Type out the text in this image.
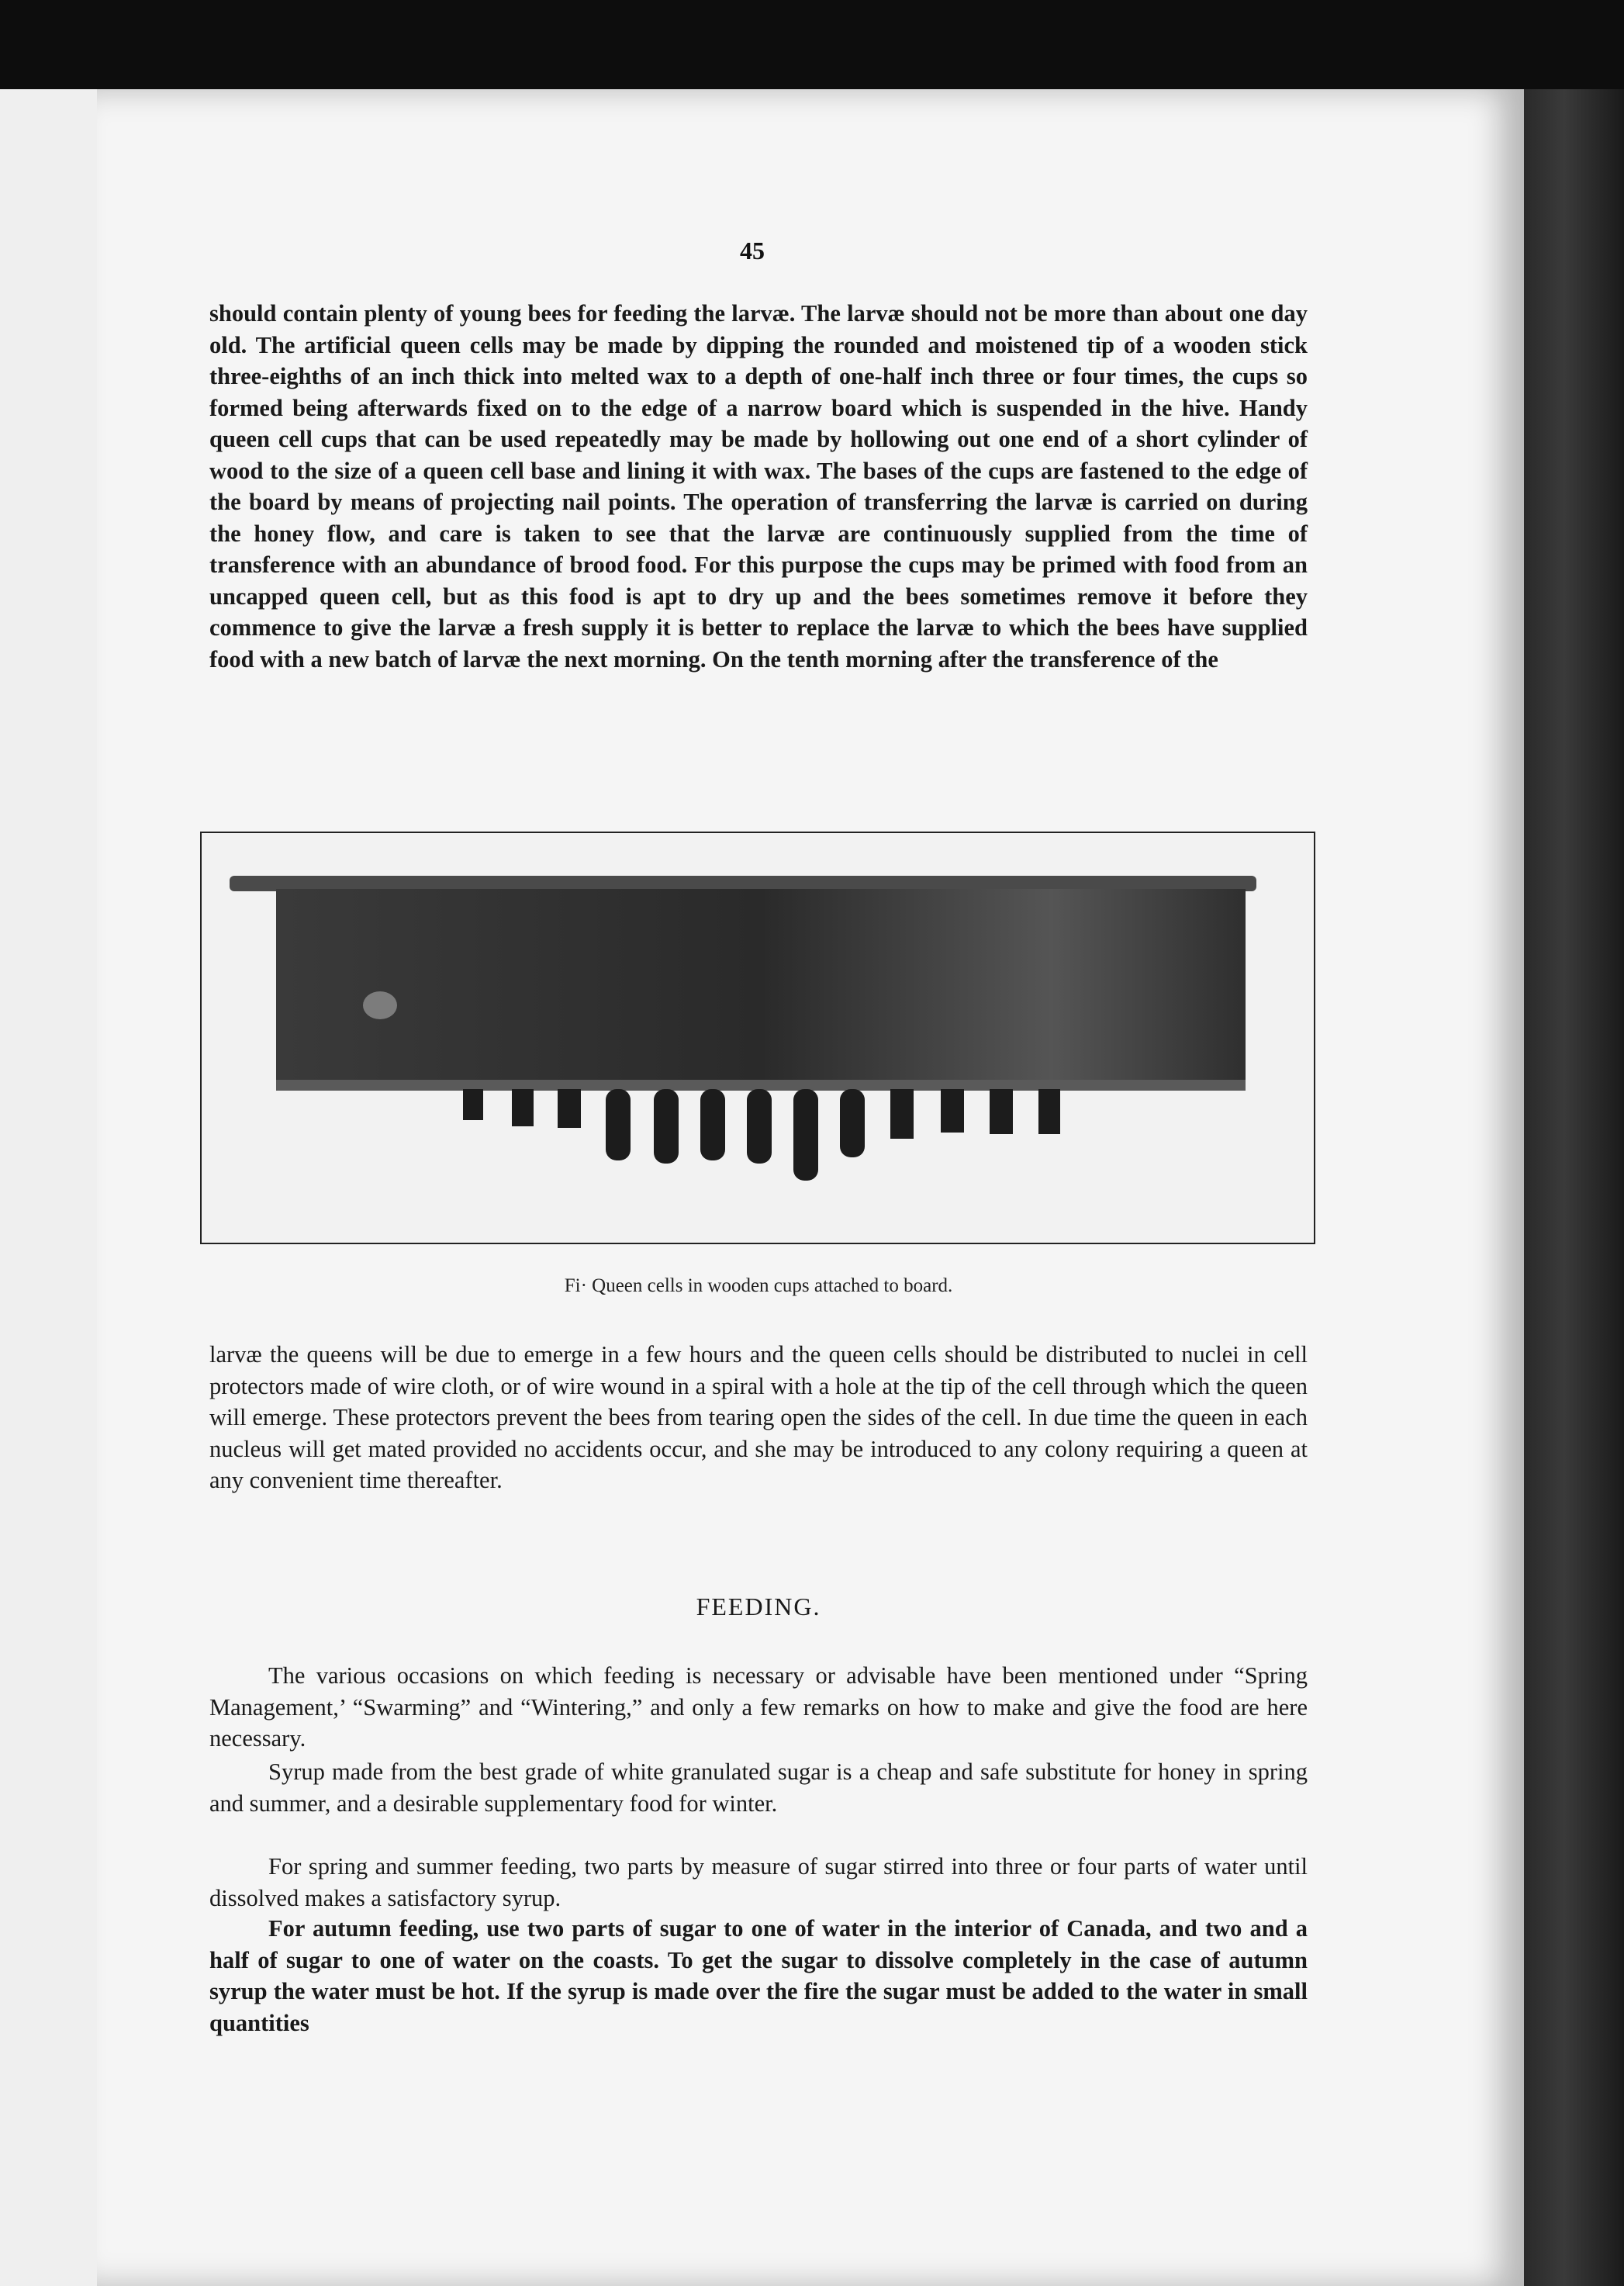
45

should contain plenty of young bees for feeding the larvæ. The larvæ should not be more than about one day old. The artificial queen cells may be made by dipping the rounded and moistened tip of a wooden stick three-eighths of an inch thick into melted wax to a depth of one-half inch three or four times, the cups so formed being afterwards fixed on to the edge of a narrow board which is suspended in the hive. Handy queen cell cups that can be used repeatedly may be made by hollowing out one end of a short cylinder of wood to the size of a queen cell base and lining it with wax. The bases of the cups are fastened to the edge of the board by means of projecting nail points. The operation of transferring the larvæ is carried on during the honey flow, and care is taken to see that the larvæ are continuously supplied from the time of transference with an abundance of brood food. For this purpose the cups may be primed with food from an uncapped queen cell, but as this food is apt to dry up and the bees sometimes remove it before they commence to give the larvæ a fresh supply it is better to replace the larvæ to which the bees have supplied food with a new batch of larvæ the next morning. On the tenth morning after the transference of the

Fi· Queen cells in wooden cups attached to board.

larvæ the queens will be due to emerge in a few hours and the queen cells should be distributed to nuclei in cell protectors made of wire cloth, or of wire wound in a spiral with a hole at the tip of the cell through which the queen will emerge. These protectors prevent the bees from tearing open the sides of the cell. In due time the queen in each nucleus will get mated provided no accidents occur, and she may be introduced to any colony requiring a queen at any convenient time thereafter.

FEEDING.

The various occasions on which feeding is necessary or advisable have been mentioned under “Spring Management,’ “Swarming” and “Wintering,” and only a few remarks on how to make and give the food are here necessary.

Syrup made from the best grade of white granulated sugar is a cheap and safe substitute for honey in spring and summer, and a desirable supplementary food for winter.

For spring and summer feeding, two parts by measure of sugar stirred into three or four parts of water until dissolved makes a satisfactory syrup.

For autumn feeding, use two parts of sugar to one of water in the interior of Canada, and two and a half of sugar to one of water on the coasts. To get the sugar to dissolve completely in the case of autumn syrup the water must be hot. If the syrup is made over the fire the sugar must be added to the water in small quantities
